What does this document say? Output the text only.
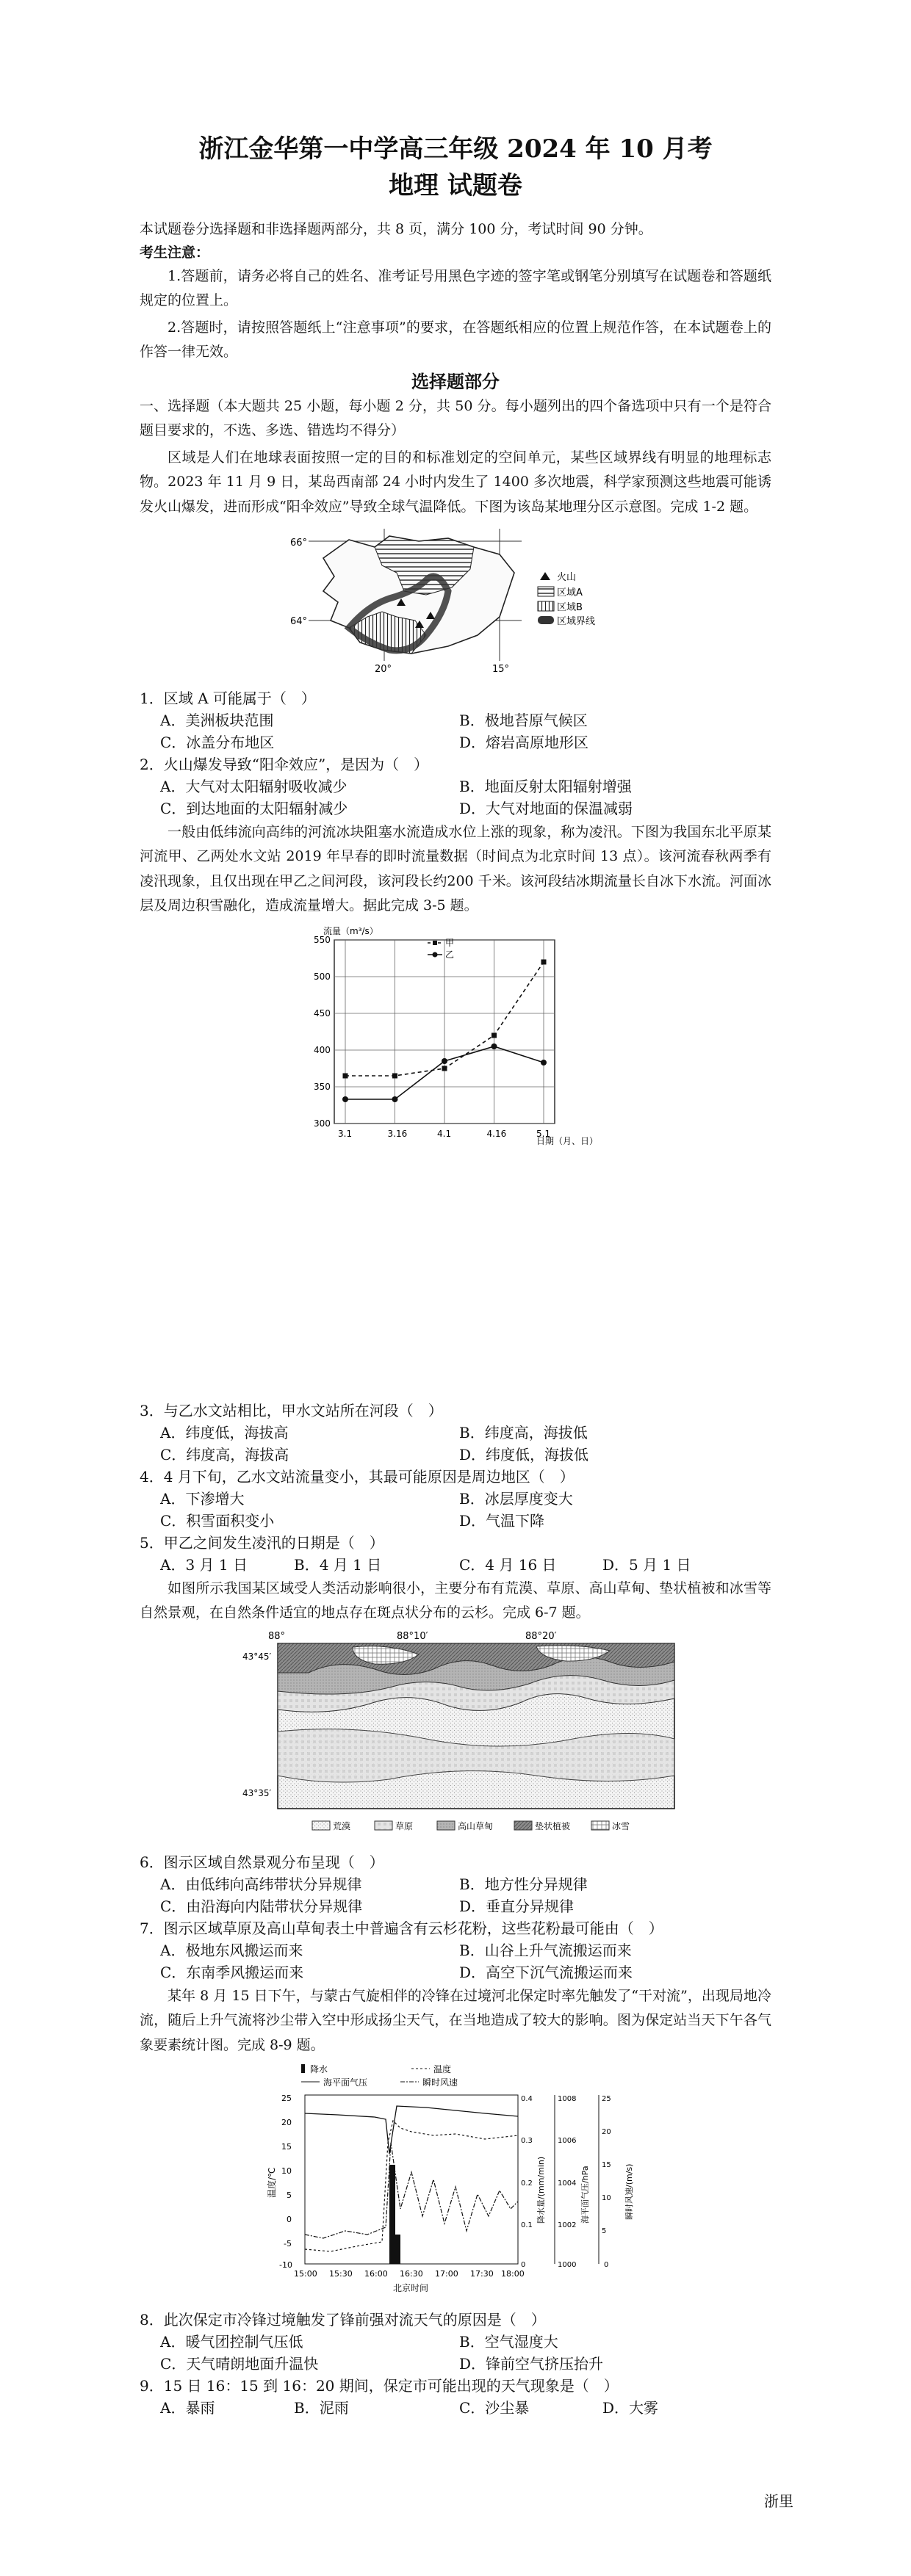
浙江金华第一中学高三年级 2024 年 10 月考
地理 试题卷
本试题卷分选择题和非选择题两部分，共 8 页，满分 100 分，考试时间 90 分钟。
考生注意：
1.答题前，请务必将自己的姓名、准考证号用黑色字迹的签字笔或钢笔分别填写在试题卷和答题纸规定的位置上。
2.答题时，请按照答题纸上“注意事项”的要求，在答题纸相应的位置上规范作答，在本试题卷上的作答一律无效。
选择题部分
一、选择题（本大题共 25 小题，每小题 2 分，共 50 分。每小题列出的四个备选项中只有一个是符合题目要求的，不选、多选、错选均不得分）
区域是人们在地球表面按照一定的目的和标准划定的空间单元，某些区域界线有明显的地理标志物。2023 年 11 月 9 日，某岛西南部 24 小时内发生了 1400 多次地震，科学家预测这些地震可能诱发火山爆发，进而形成“阳伞效应”导致全球气温降低。下图为该岛某地理分区示意图。完成 1-2 题。
66°
64°
20°	15°
火山
区域A
区域B
区域界线
1．区域 A 可能属于（　）
A．美洲板块范围	B．极地苔原气候区
C．冰盖分布地区	D．熔岩高原地形区
2．火山爆发导致“阳伞效应”，是因为（　）
A．大气对太阳辐射吸收减少	B．地面反射太阳辐射增强
C．到达地面的太阳辐射减少	D．大气对地面的保温减弱
一般由低纬流向高纬的河流冰块阻塞水流造成水位上涨的现象，称为凌汛。下图为我国东北平原某河流甲、乙两处水文站 2019 年早春的即时流量数据（时间点为北京时间 13 点）。该河流春秋两季有凌汛现象，且仅出现在甲乙之间河段，该河段长约200 千米。该河段结冰期流量长自冰下水流。河面冰层及周边积雪融化，造成流量增大。据此完成 3-5 题。
流量（m³/s）
300
350
400
450
500
550
3.1	3.16	4.1	4.16	5.1
日期（月、日）
甲
乙
3．与乙水文站相比，甲水文站所在河段（　）
A．纬度低，海拔高	B．纬度高，海拔低
C．纬度高，海拔高	D．纬度低，海拔低
4．4 月下旬，乙水文站流量变小，其最可能原因是周边地区（　）
A．下渗增大	B．冰层厚度变大
C．积雪面积变小	D．气温下降
5．甲乙之间发生凌汛的日期是（　）
A．3 月 1 日	B．4 月 1 日	C．4 月 16 日	D．5 月 1 日
如图所示我国某区域受人类活动影响很小，主要分布有荒漠、草原、高山草甸、垫状植被和冰雪等自然景观，在自然条件适宜的地点存在斑点状分布的云杉。完成 6-7 题。
88°	88°10′	88°20′
43°45′
43°35′
荒漠	草原	高山草甸	垫状植被	冰雪
6．图示区域自然景观分布呈现（　）
A．由低纬向高纬带状分异规律	B．地方性分异规律
C．由沿海向内陆带状分异规律	D．垂直分异规律
7．图示区域草原及高山草甸表土中普遍含有云杉花粉，这些花粉最可能由（　）
A．极地东风搬运而来	B．山谷上升气流搬运而来
C．东南季风搬运而来	D．高空下沉气流搬运而来
某年 8 月 15 日下午，与蒙古气旋相伴的冷锋在过境河北保定时率先触发了“干对流”，出现局地冷流，随后上升气流将沙尘带入空中形成扬尘天气，在当地造成了较大的影响。图为保定站当天下午各气象要素统计图。完成 8-9 题。
降水	温度
海平面气压	瞬时风速
温度/℃
25
20
15
10
5
0
-5
-10
0.4
0.3
0.2
0.1
0
降水量/(mm/min)
1008
1006
1004
1002
1000
海平面气压/hPa
25
20
15
10
5
0
瞬时风速/(m/s)
15:00 15:30 16:00 16:30 17:00 17:30 18:00
北京时间
8．此次保定市冷锋过境触发了锋前强对流天气的原因是（　）
A．暖气团控制气压低	B．空气湿度大
C．天气晴朗地面升温快	D．锋前空气挤压抬升
9．15 日 16：15 到 16：20 期间，保定市可能出现的天气现象是（　）
A．暴雨	B．泥雨	C．沙尘暴	D．大雾
浙里
